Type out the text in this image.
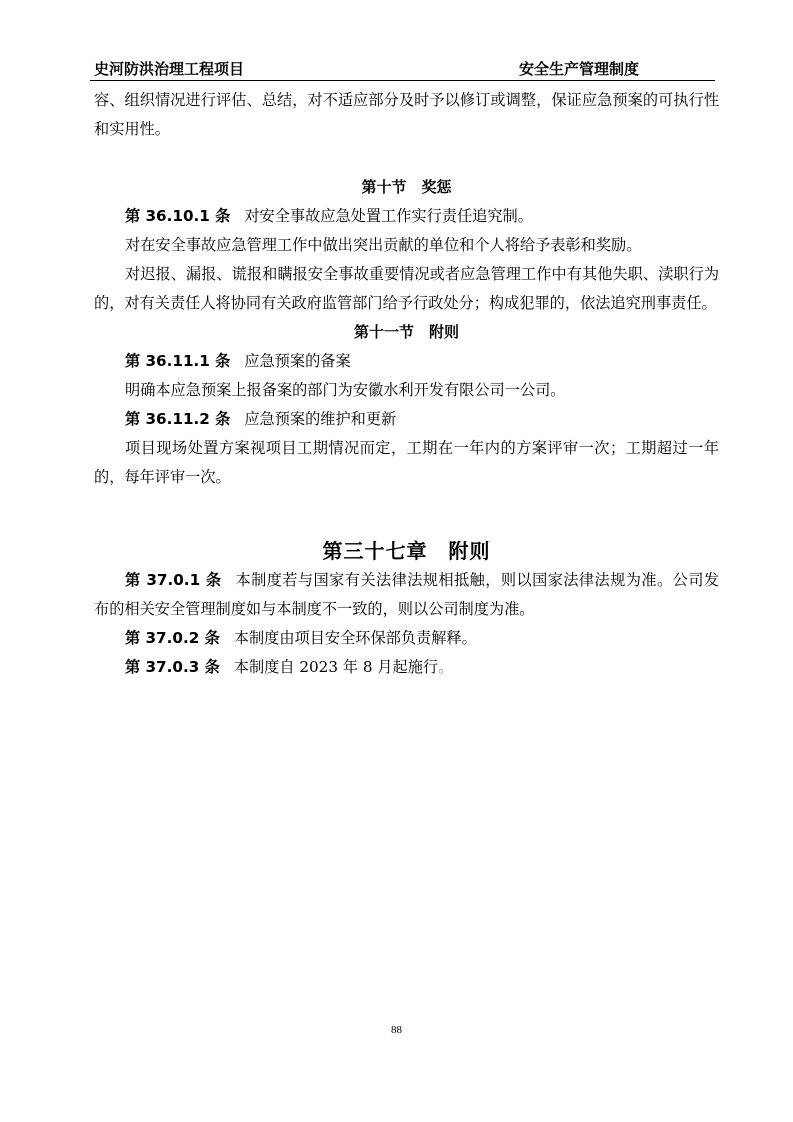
史河防洪治理工程项目	安全生产管理制度

容、组织情况进行评估、总结，对不适应部分及时予以修订或调整，保证应急预案的可执行性和实用性。

第十节　奖惩

第 36.10.1 条 对安全事故应急处置工作实行责任追究制。

对在安全事故应急管理工作中做出突出贡献的单位和个人将给予表彰和奖励。

对迟报、漏报、谎报和瞒报安全事故重要情况或者应急管理工作中有其他失职、渎职行为的，对有关责任人将协同有关政府监管部门给予行政处分；构成犯罪的，依法追究刑事责任。

第十一节　附则

第 36.11.1 条 应急预案的备案

明确本应急预案上报备案的部门为安徽水利开发有限公司一公司。

第 36.11.2 条 应急预案的维护和更新

项目现场处置方案视项目工期情况而定，工期在一年内的方案评审一次；工期超过一年的，每年评审一次。

第三十七章　附则

第 37.0.1 条 本制度若与国家有关法律法规相抵触，则以国家法律法规为准。公司发布的相关安全管理制度如与本制度不一致的，则以公司制度为准。

第 37.0.2 条 本制度由项目安全环保部负责解释。

第 37.0.3 条 本制度自 2023 年 8 月起施行。

88
